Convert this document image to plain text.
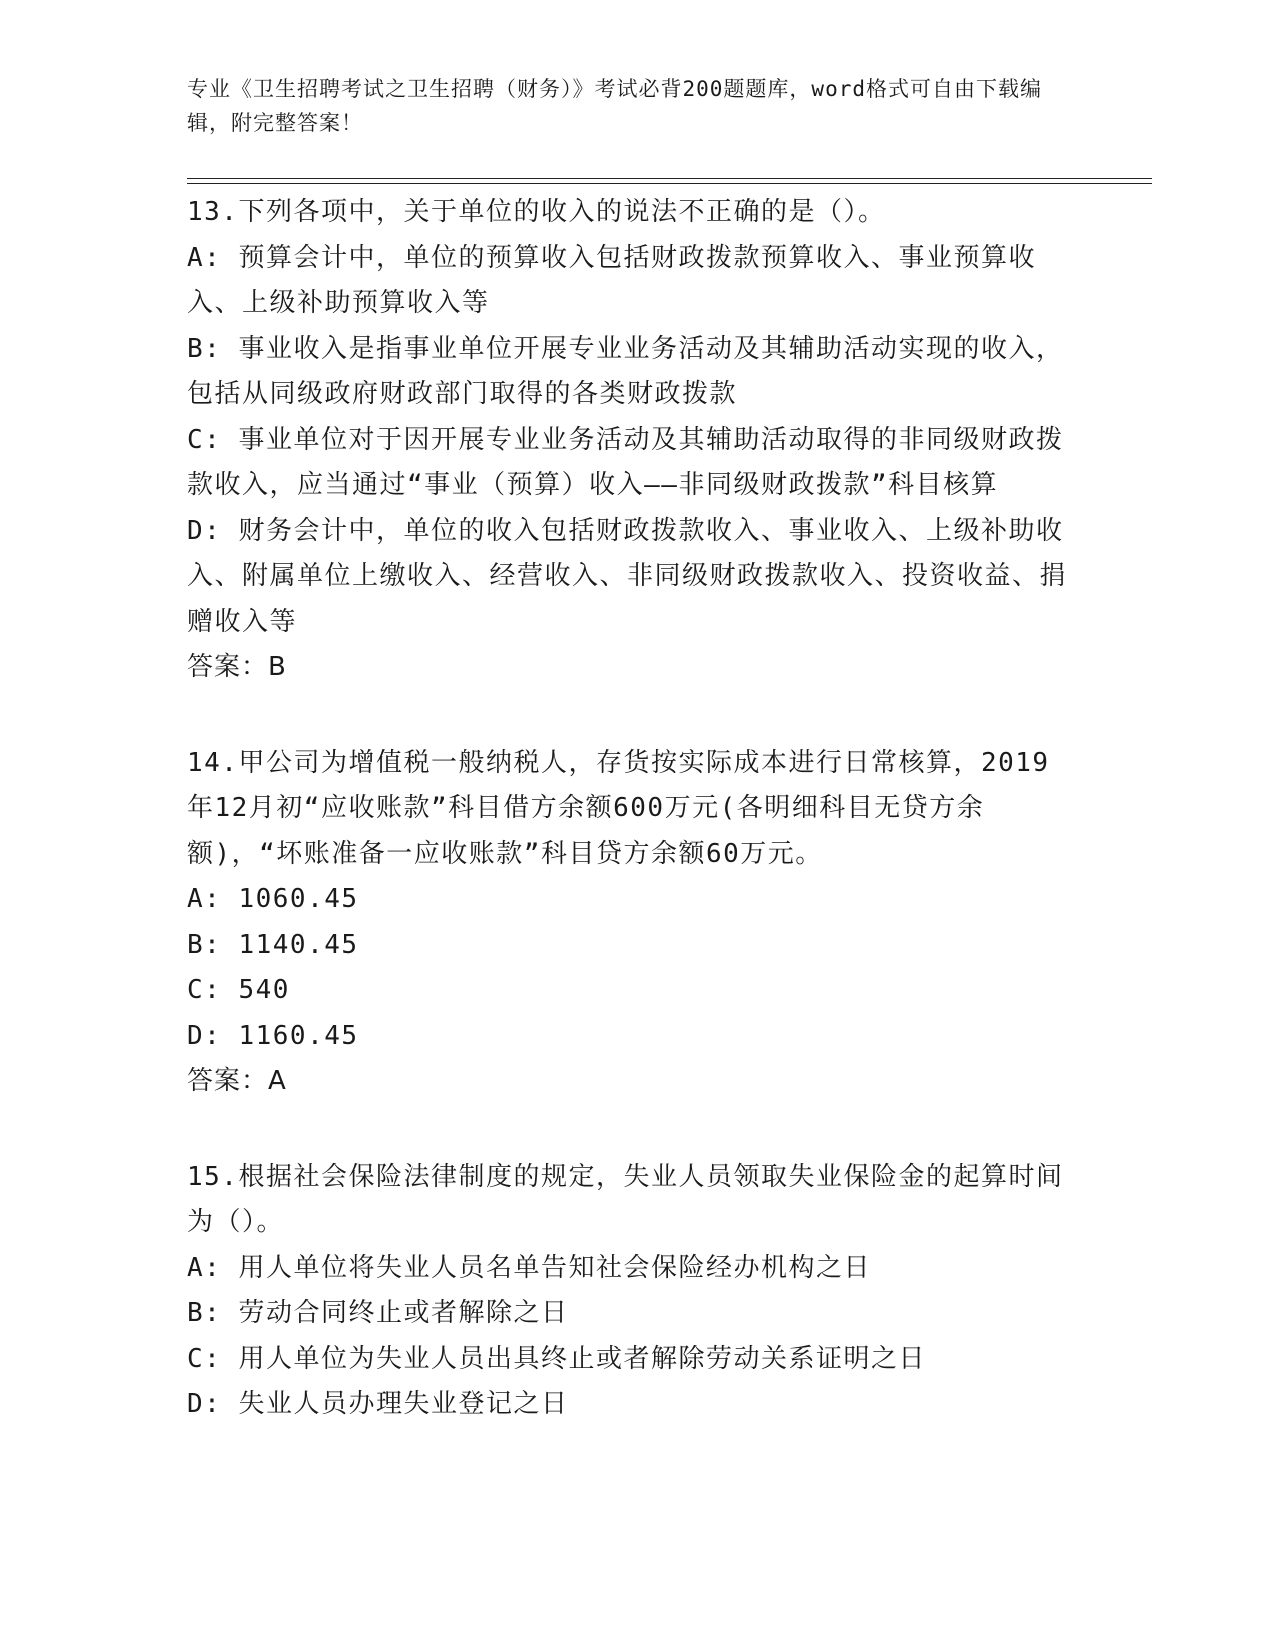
专业《卫生招聘考试之卫生招聘（财务）》考试必背200题题库，word格式可自由下载编辑，附完整答案！

13.下列各项中，关于单位的收入的说法不正确的是（）。

A: 预算会计中，单位的预算收入包括财政拨款预算收入、事业预算收入、上级补助预算收入等

B: 事业收入是指事业单位开展专业业务活动及其辅助活动实现的收入，包括从同级政府财政部门取得的各类财政拨款

C: 事业单位对于因开展专业业务活动及其辅助活动取得的非同级财政拨款收入，应当通过“事业（预算）收入——非同级财政拨款”科目核算

D: 财务会计中，单位的收入包括财政拨款收入、事业收入、上级补助收入、附属单位上缴收入、经营收入、非同级财政拨款收入、投资收益、捐赠收入等

答案：B

14.甲公司为增值税一般纳税人，存货按实际成本进行日常核算，2019年12月初“应收账款”科目借方余额600万元(各明细科目无贷方余额)，“坏账准备一应收账款”科目贷方余额60万元。

A: 1060.45

B: 1140.45

C: 540

D: 1160.45

答案：A

15.根据社会保险法律制度的规定，失业人员领取失业保险金的起算时间为（）。

A: 用人单位将失业人员名单告知社会保险经办机构之日

B: 劳动合同终止或者解除之日

C: 用人单位为失业人员出具终止或者解除劳动关系证明之日

D: 失业人员办理失业登记之日
